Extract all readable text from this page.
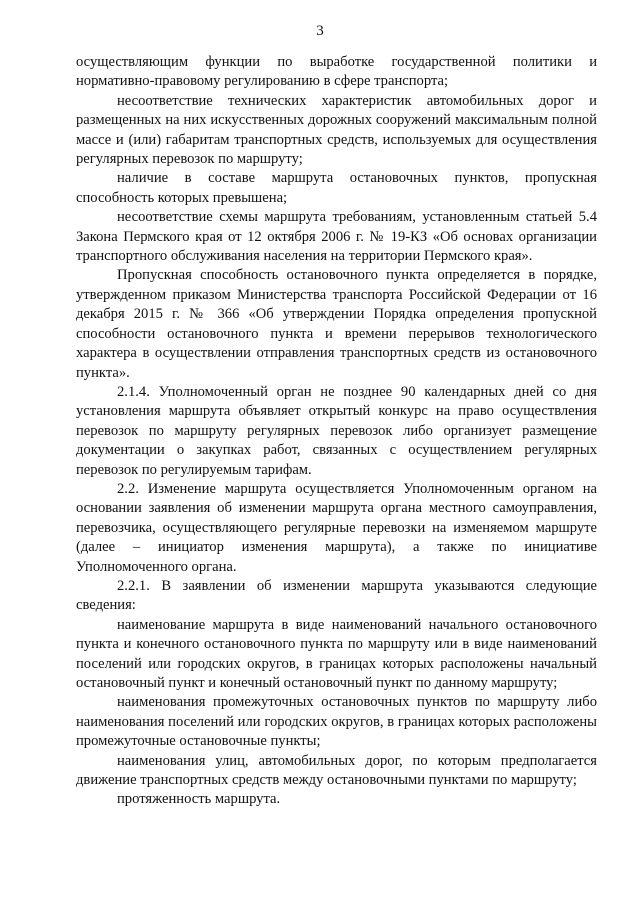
3

осуществляющим функции по выработке государственной политики и нормативно-правовому регулированию в сфере транспорта;

несоответствие технических характеристик автомобильных дорог и размещенных на них искусственных дорожных сооружений максимальным полной массе и (или) габаритам транспортных средств, используемых для осуществления регулярных перевозок по маршруту;

наличие в составе маршрута остановочных пунктов, пропускная способность которых превышена;

несоответствие схемы маршрута требованиям, установленным статьей 5.4 Закона Пермского края от 12 октября 2006 г. № 19-КЗ «Об основах организации транспортного обслуживания населения на территории Пермского края».

Пропускная способность остановочного пункта определяется в порядке, утвержденном приказом Министерства транспорта Российской Федерации от 16 декабря 2015 г. № 366 «Об утверждении Порядка определения пропускной способности остановочного пункта и времени перерывов технологического характера в осуществлении отправления транспортных средств из остановочного пункта».

2.1.4. Уполномоченный орган не позднее 90 календарных дней со дня установления маршрута объявляет открытый конкурс на право осуществления перевозок по маршруту регулярных перевозок либо организует размещение документации о закупках работ, связанных с осуществлением регулярных перевозок по регулируемым тарифам.

2.2. Изменение маршрута осуществляется Уполномоченным органом на основании заявления об изменении маршрута органа местного самоуправления, перевозчика, осуществляющего регулярные перевозки на изменяемом маршруте (далее – инициатор изменения маршрута), а также по инициативе Уполномоченного органа.

2.2.1. В заявлении об изменении маршрута указываются следующие сведения:

наименование маршрута в виде наименований начального остановочного пункта и конечного остановочного пункта по маршруту или в виде наименований поселений или городских округов, в границах которых расположены начальный остановочный пункт и конечный остановочный пункт по данному маршруту;

наименования промежуточных остановочных пунктов по маршруту либо наименования поселений или городских округов, в границах которых расположены промежуточные остановочные пункты;

наименования улиц, автомобильных дорог, по которым предполагается движение транспортных средств между остановочными пунктами по маршруту;

протяженность маршрута.
